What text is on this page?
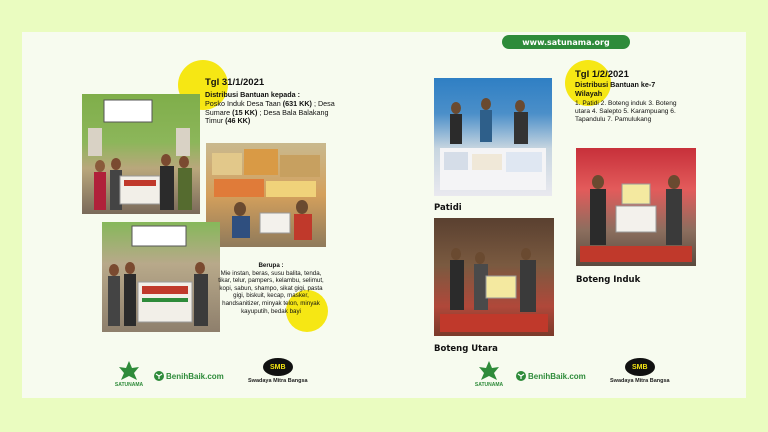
www.satunama.org
Tgl 31/1/2021
Distribusi Bantuan kepada :
Posko Induk Desa Taan (631 KK) ; Desa Sumare (15 KK) ; Desa Bala Balakang Timur (46 KK)
Berupa :
Mie instan, beras, susu balita, tenda, tikar, telur, pampers, kelambu, selimut, kopi, sabun, shampo, sikat gigi, pasta gigi, biskuit, kecap, masker, handsanitizer, minyak telon, minyak kayuputih, bedak bayi
Tgl 1/2/2021
Distribusi Bantuan ke-7 Wilayah
1. Patidi 2. Boteng induk 3. Boteng utara 4. Salepto 5. Karampuang 6. Tapandulu 7. Pamulukang
Patidi
Boteng Utara
Boteng Induk
SATUNAMA
BenihBaik.com
SMB
Swadaya Mitra Bangsa
SATUNAMA
BenihBaik.com
SMB
Swadaya Mitra Bangsa
